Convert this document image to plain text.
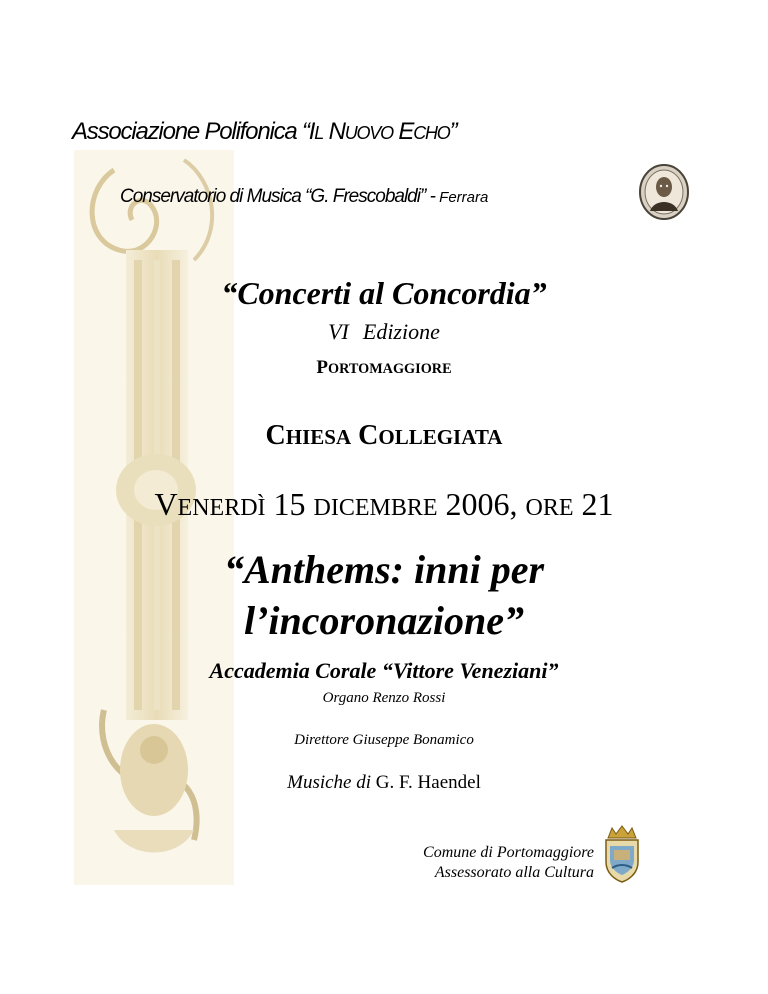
Associazione Polifonica “IL NUOVO ECHO”
Conservatorio di Musica “G. Frescobaldi” - Ferrara
“Concerti al Concordia”
VI Edizione
PORTOMAGGIORE
CHIESA COLLEGIATA
VENERDÌ 15 DICEMBRE 2006, ORE 21
“Anthems: inni per
l’incoronazione”
Accademia Corale “Vittore Veneziani”
Organo Renzo Rossi
Direttore Giuseppe Bonamico
Musiche di G. F. Haendel
Comune di Portomaggiore
Assessorato alla Cultura
